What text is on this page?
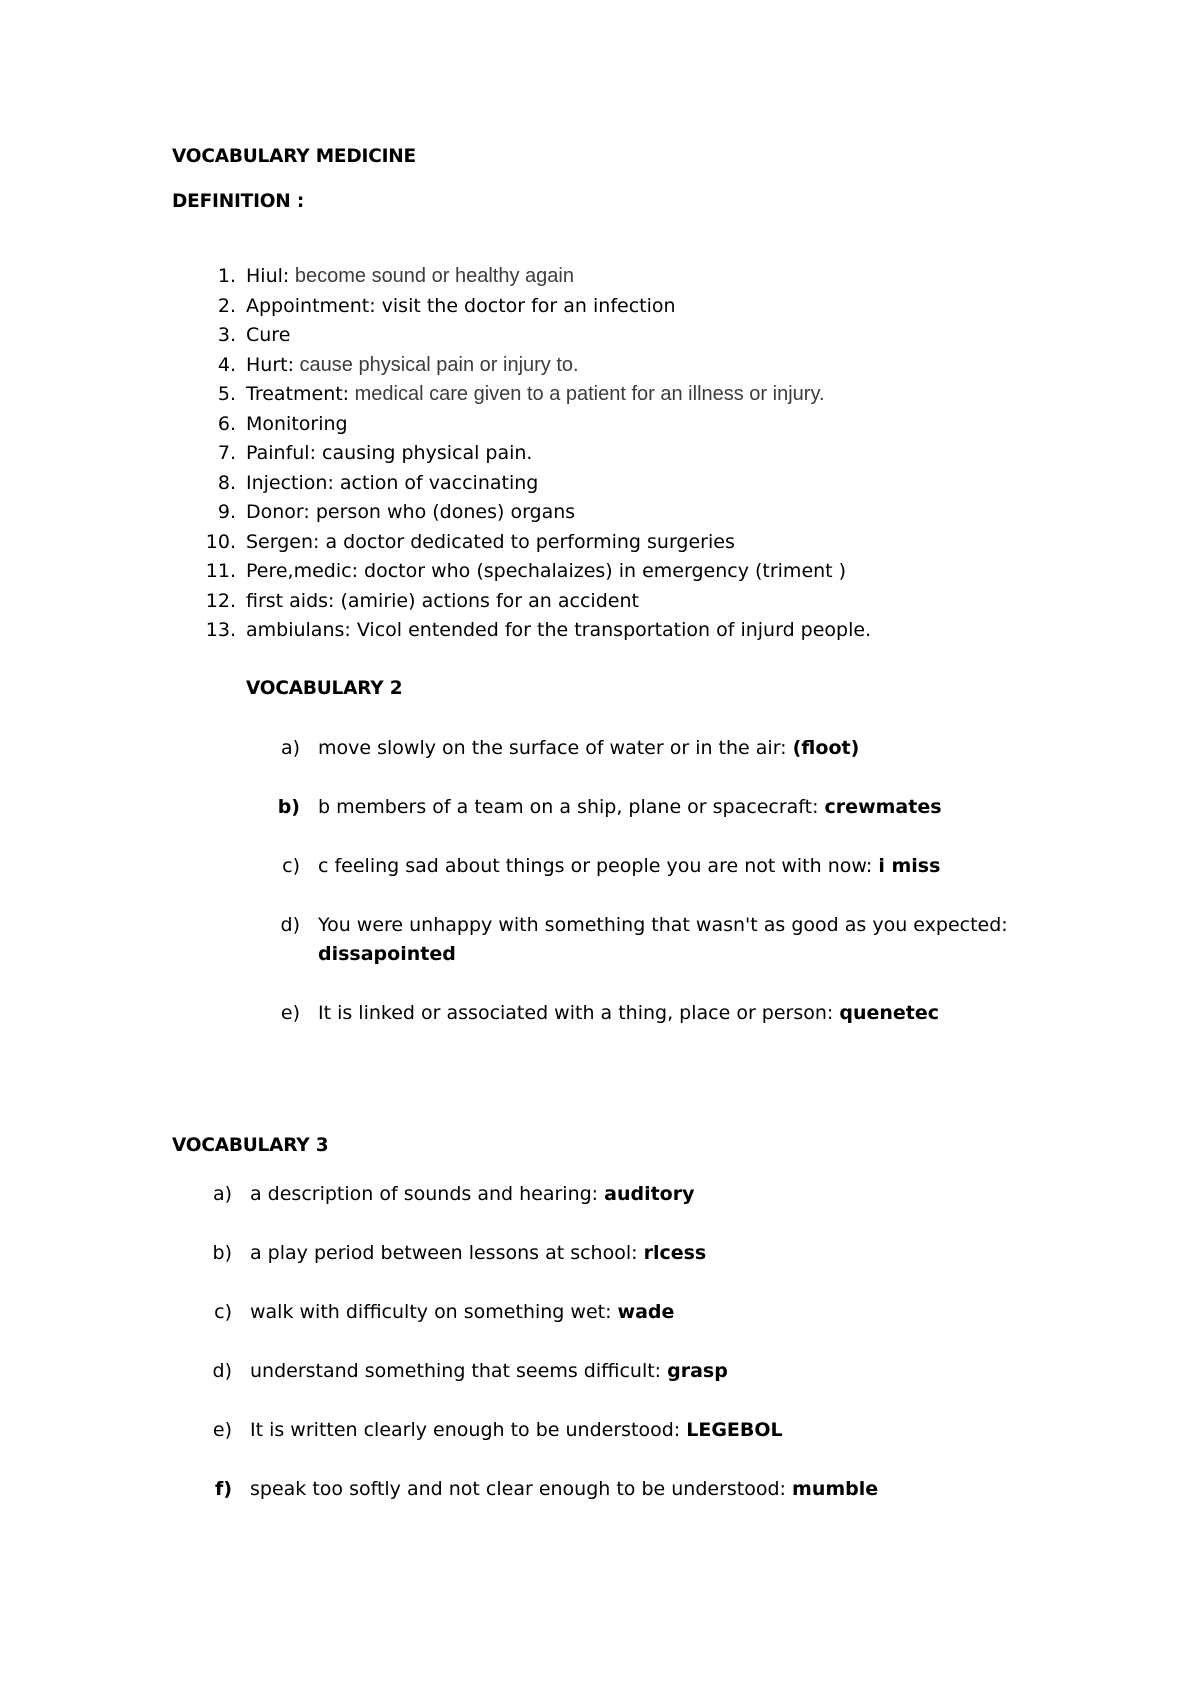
VOCABULARY MEDICINE
DEFINITION :
1. Hiul: become sound or healthy again
2. Appointment: visit the doctor for an infection
3. Cure
4. Hurt: cause physical pain or injury to.
5. Treatment: medical care given to a patient for an illness or injury.
6. Monitoring
7. Painful: causing physical pain.
8. Injection: action of vaccinating
9. Donor: person who (dones) organs
10. Sergen: a doctor dedicated to performing surgeries
11. Pere,medic: doctor who (spechalaizes) in emergency (triment )
12. first aids: (amirie) actions for an accident
13. ambiulans: Vicol entended for the transportation of injurd people.
VOCABULARY 2
a) move slowly on the surface of water or in the air: (floot)
b) b members of a team on a ship, plane or spacecraft: crewmates
c) c feeling sad about things or people you are not with now: i miss
d) You were unhappy with something that wasn't as good as you expected:
dissapointed
e) It is linked or associated with a thing, place or person: quenetec
VOCABULARY 3
a) a description of sounds and hearing: auditory
b) a play period between lessons at school: rlcess
c) walk with difficulty on something wet: wade
d) understand something that seems difficult: grasp
e) It is written clearly enough to be understood: LEGEBOL
f) speak too softly and not clear enough to be understood: mumble
